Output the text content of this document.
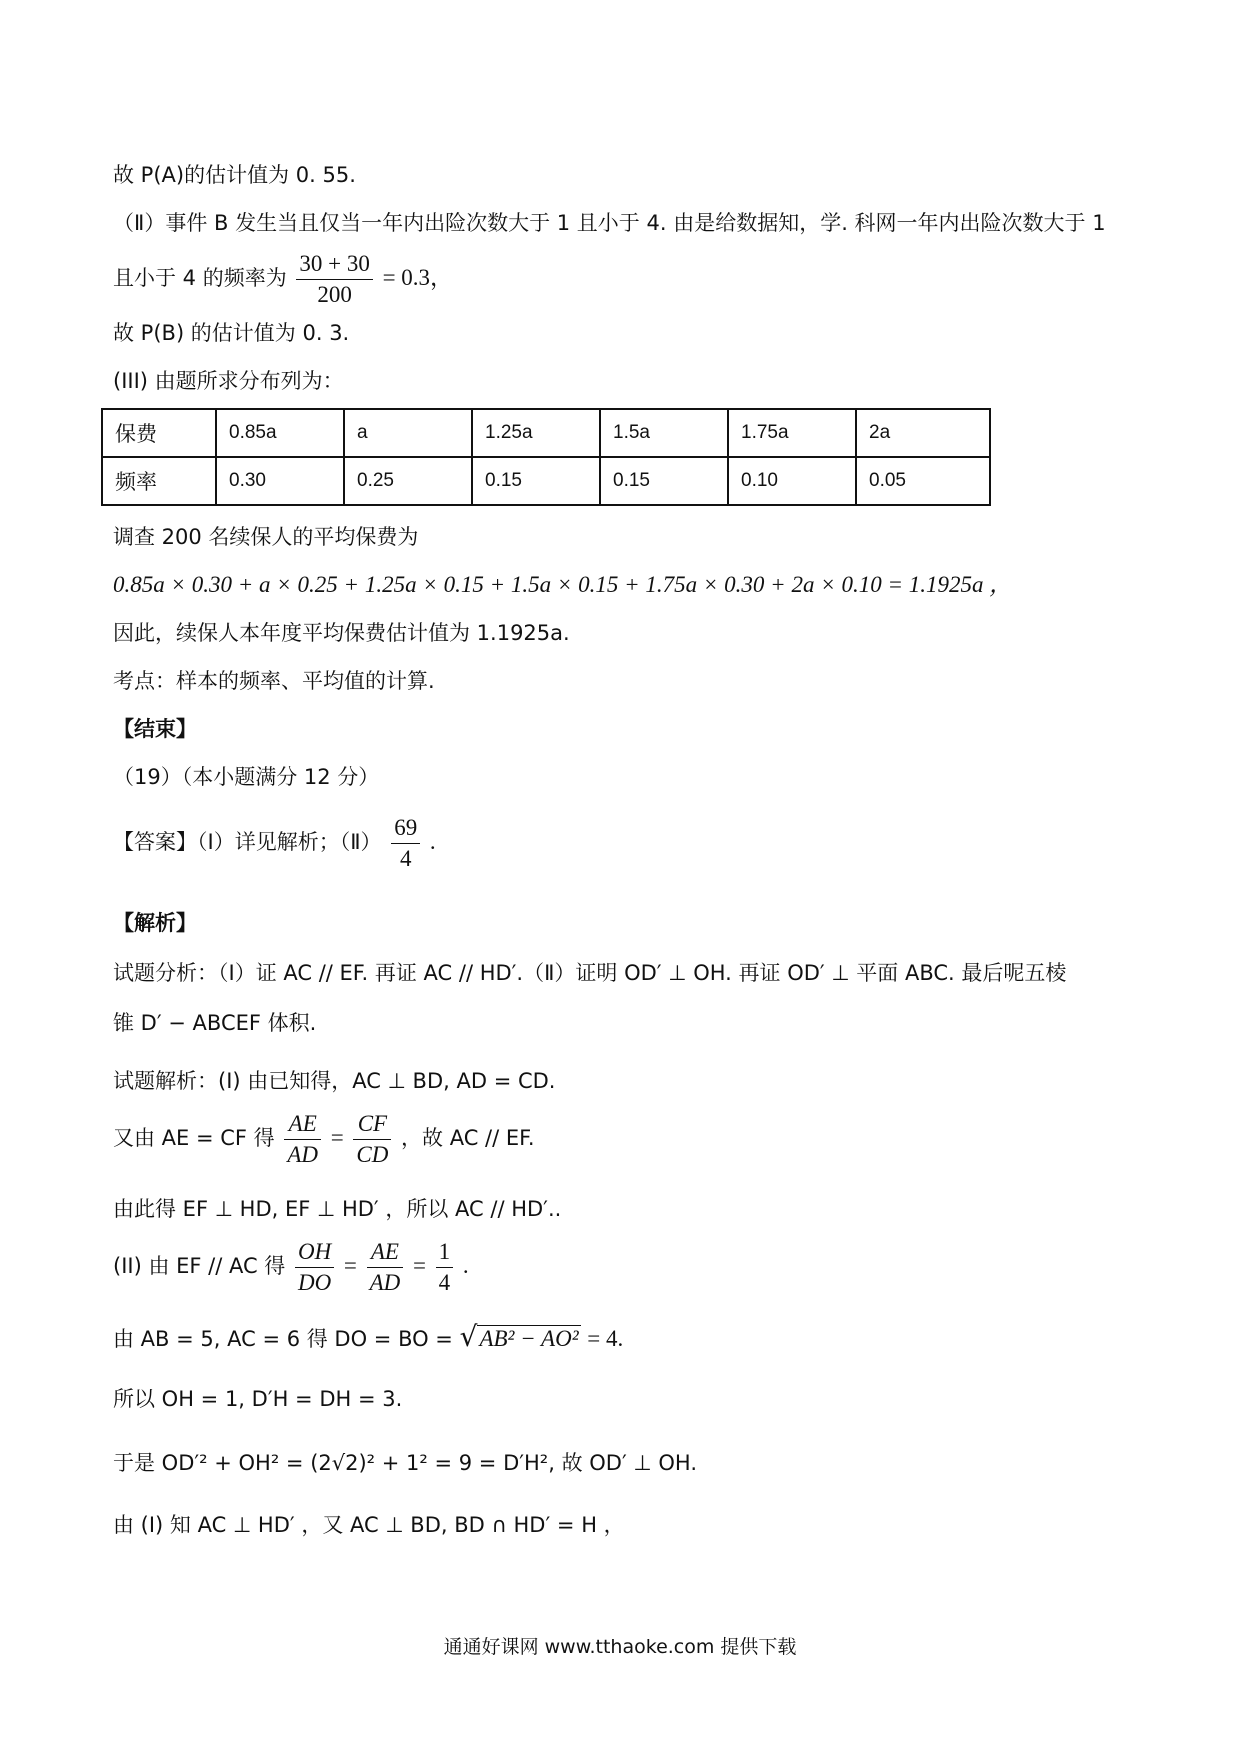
故 P(A)的估计值为 0. 55.
（Ⅱ）事件 B 发生当且仅当一年内出险次数大于 1 且小于 4. 由是给数据知，学. 科网一年内出险次数大于 1
且小于 4 的频率为 $\frac{30 + 30}{200} = 0.3$，
故 P(B) 的估计值为 0. 3.
(III) 由题所求分布列为：
保费	0.85a	a	1.25a	1.5a	1.75a	2a
频率	0.30	0.25	0.15	0.15	0.10	0.05
调查 200 名续保人的平均保费为
0.85a × 0.30 + a × 0.25 + 1.25a × 0.15 + 1.5a × 0.15 + 1.75a × 0.30 + 2a × 0.10 = 1.1925a ，
因此，续保人本年度平均保费估计值为 1.1925a.
考点：样本的频率、平均值的计算.
【结束】
（19）（本小题满分 12 分）
【答案】（Ⅰ）详见解析；（Ⅱ） $\frac{69}{4}$ .
【解析】
试题分析：（Ⅰ）证 AC // EF. 再证 AC // HD′.（Ⅱ）证明 OD′ ⊥ OH. 再证 OD′ ⊥ 平面 ABC. 最后呢五棱
锥 D′ − ABCEF 体积.
试题解析：(I) 由已知得，AC ⊥ BD, AD = CD.
又由 AE = CF 得 $\frac{AE}{AD} = \frac{CF}{CD}$ ，故 AC // EF.
由此得 EF ⊥ HD, EF ⊥ HD′ ，所以 AC // HD′..
(II) 由 EF // AC 得 $\frac{OH}{DO} = \frac{AE}{AD} = \frac{1}{4}$ .
由 AB = 5, AC = 6 得 DO = BO = √AB² − AO² = 4.
所以 OH = 1, D′H = DH = 3.
于是 OD′² + OH² = (2√2)² + 1² = 9 = D′H², 故 OD′ ⊥ OH.
由 (I) 知 AC ⊥ HD′ ，又 AC ⊥ BD, BD ∩ HD′ = H ，
通通好课网 www.tthaoke.com 提供下载
